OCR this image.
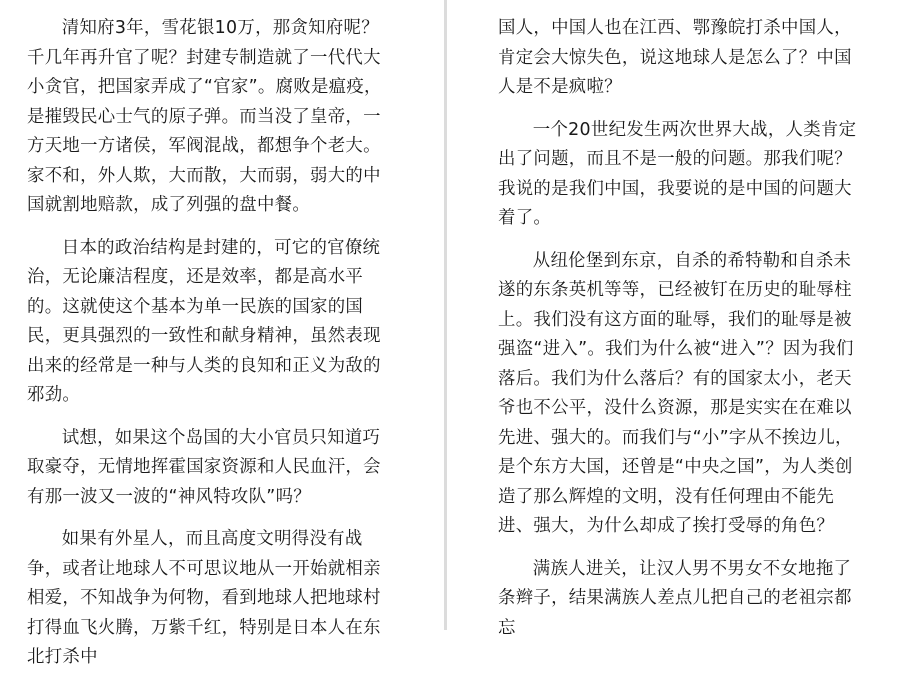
清知府3年，雪花银10万，那贪知府呢？千几年再升官了呢？封建专制造就了一代代大小贪官，把国家弄成了“官家”。腐败是瘟疫，是摧毁民心士气的原子弹。而当没了皇帝，一方天地一方诸侯，军阀混战，都想争个老大。家不和，外人欺，大而散，大而弱，弱大的中国就割地赔款，成了列强的盘中餐。

日本的政治结构是封建的，可它的官僚统治，无论廉洁程度，还是效率，都是高水平的。这就使这个基本为单一民族的国家的国民，更具强烈的一致性和献身精神，虽然表现出来的经常是一种与人类的良知和正义为敌的邪劲。

试想，如果这个岛国的大小官员只知道巧取豪夺，无情地挥霍国家资源和人民血汗，会有那一波又一波的“神风特攻队”吗？

如果有外星人，而且高度文明得没有战争，或者让地球人不可思议地从一开始就相亲相爱，不知战争为何物，看到地球人把地球村打得血飞火腾，万紫千红，特别是日本人在东北打杀中

国人，中国人也在江西、鄂豫皖打杀中国人，肯定会大惊失色，说这地球人是怎么了？中国人是不是疯啦？

一个20世纪发生两次世界大战，人类肯定出了问题，而且不是一般的问题。那我们呢？我说的是我们中国，我要说的是中国的问题大着了。

从纽伦堡到东京，自杀的希特勒和自杀未遂的东条英机等等，已经被钉在历史的耻辱柱上。我们没有这方面的耻辱，我们的耻辱是被强盗“进入”。我们为什么被“进入”？因为我们落后。我们为什么落后？有的国家太小，老天爷也不公平，没什么资源，那是实实在在难以先进、强大的。而我们与“小”字从不挨边儿，是个东方大国，还曾是“中央之国”，为人类创造了那么辉煌的文明，没有任何理由不能先进、强大，为什么却成了挨打受辱的角色？

满族人进关，让汉人男不男女不女地拖了条辫子，结果满族人差点儿把自己的老祖宗都忘
